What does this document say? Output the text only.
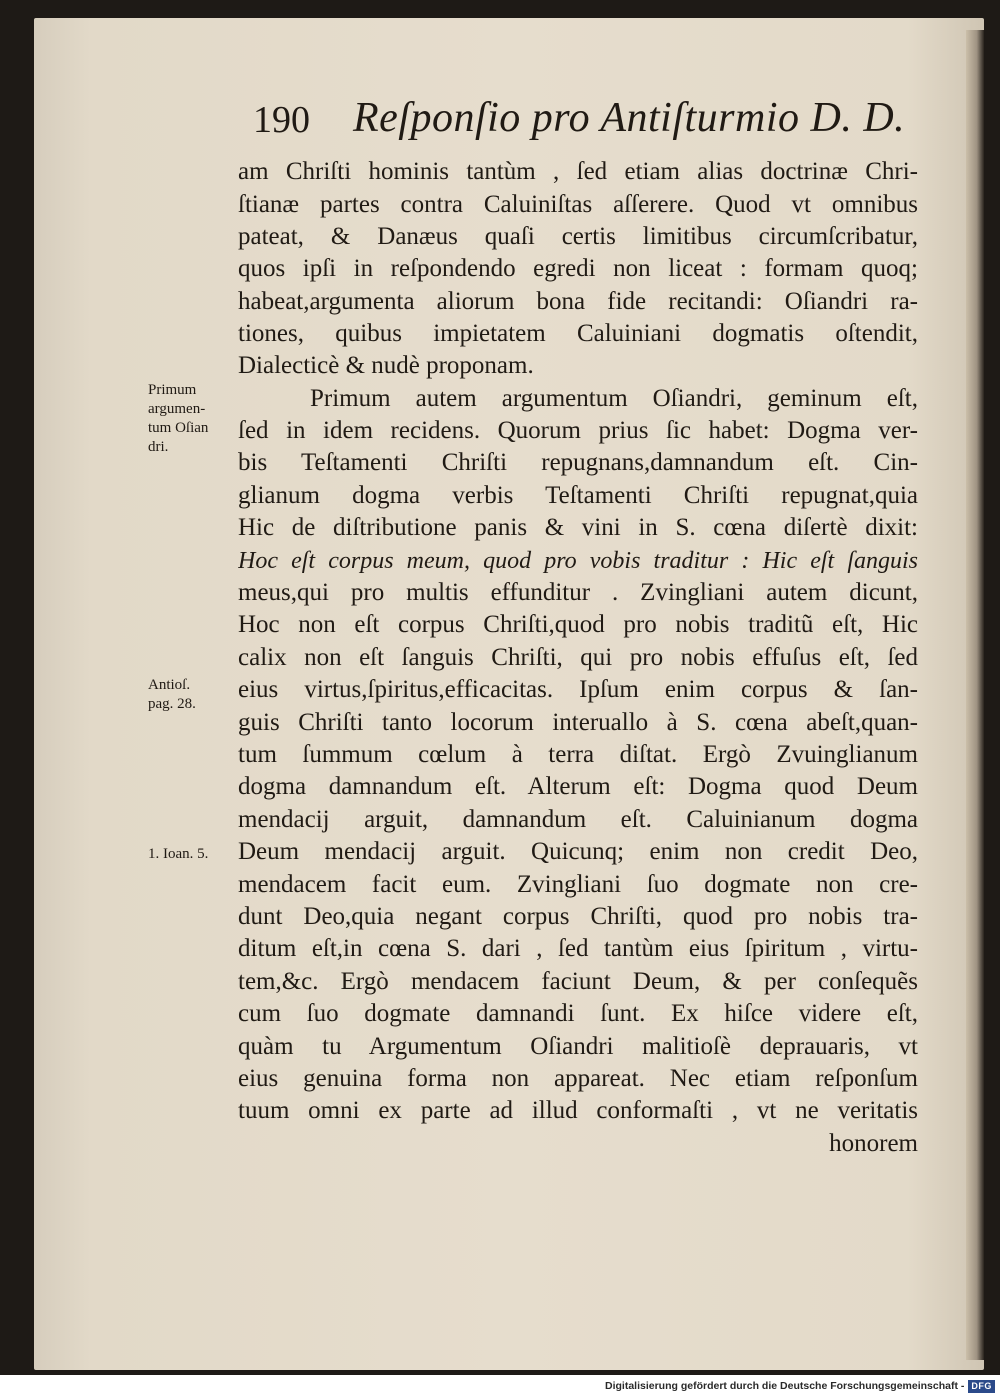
190 Reſponſio pro Antiſturmio D. D.
am Chriſti hominis tantùm , ſed etiam alias doctrinæ Chri-
ſtianæ partes contra Caluiniſtas aſſerere. Quod vt omnibus
pateat, & Danæus quaſi certis limitibus circumſcribatur,
quos ipſi in reſpondendo egredi non liceat : formam quoq;
habeat,argumenta aliorum bona fide recitandi: Oſiandri ra-
tiones, quibus impietatem Caluiniani dogmatis oſtendit,
Dialecticè & nudè proponam.
Primum autem argumentum Oſiandri, geminum eſt,
ſed in idem recidens. Quorum prius ſic habet: Dogma ver-
bis Teſtamenti Chriſti repugnans,damnandum eſt. Cin-
glianum dogma verbis Teſtamenti Chriſti repugnat,quia
Hic de diſtributione panis & vini in S. cœna diſertè dixit:
Hoc eſt corpus meum, quod pro vobis traditur : Hic eſt ſanguis
meus,qui pro multis effunditur . Zvingliani autem dicunt,
Hoc non eſt corpus Chriſti,quod pro nobis traditũ eſt, Hic
calix non eſt ſanguis Chriſti, qui pro nobis effuſus eſt, ſed
eius virtus,ſpiritus,efficacitas. Ipſum enim corpus & ſan-
guis Chriſti tanto locorum interuallo à S. cœna abeſt,quan-
tum ſummum cœlum à terra diſtat. Ergò Zvuinglianum
dogma damnandum eſt. Alterum eſt: Dogma quod Deum
mendacij arguit, damnandum eſt. Caluinianum dogma
Deum mendacij arguit. Quicunq; enim non credit Deo,
mendacem facit eum. Zvingliani ſuo dogmate non cre-
dunt Deo,quia negant corpus Chriſti, quod pro nobis tra-
ditum eſt,in cœna S. dari , ſed tantùm eius ſpiritum , virtu-
tem,&c. Ergò mendacem faciunt Deum, & per conſequẽs
cum ſuo dogmate damnandi ſunt. Ex hiſce videre eſt,
quàm tu Argumentum Oſiandri malitioſè deprauaris, vt
eius genuina forma non appareat. Nec etiam reſponſum
tuum omni ex parte ad illud conformaſti , vt ne veritatis
honorem
Primum
argumen-
tum Oſian
dri.
Antioſ.
pag. 28.
1. Ioan. 5.
Digitalisierung gefördert durch die Deutsche Forschungsgemeinschaft - DFG
